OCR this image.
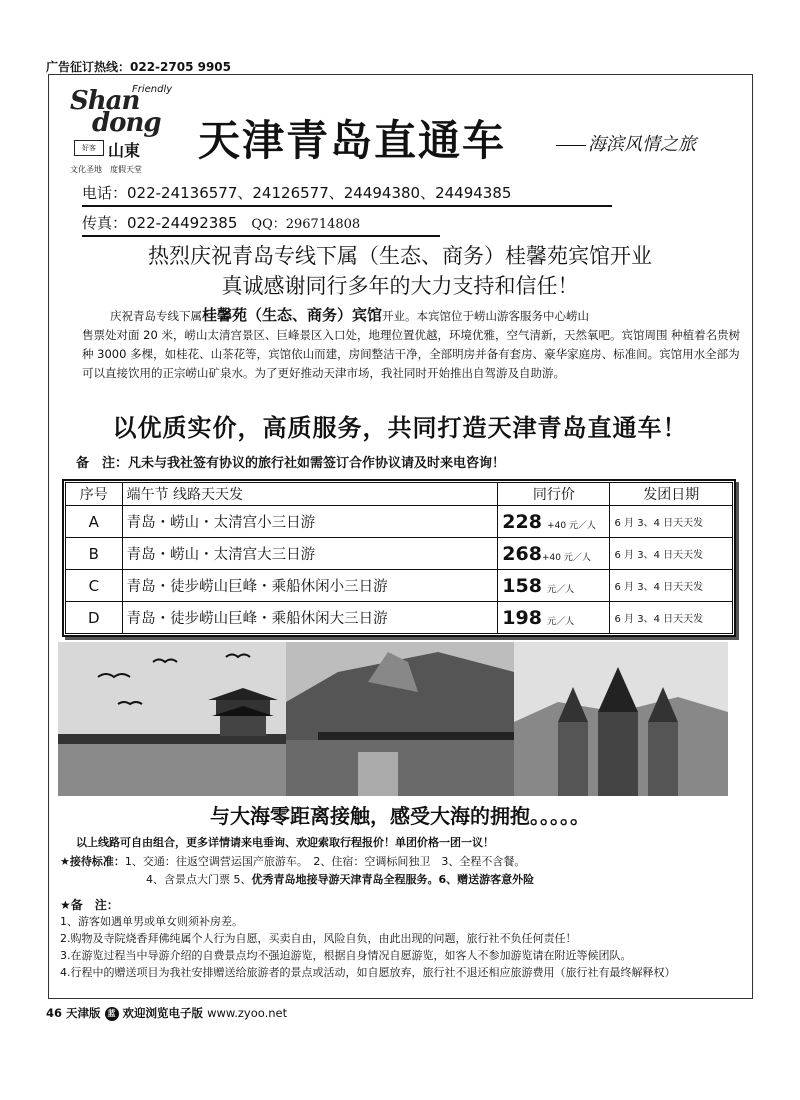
广告征订热线：022-2705 9905
Shan
dong
Friendly
好客 山東
文化圣地　度假天堂
天津青岛直通车	海滨风情之旅
电话：022-24136577、24126577、24494380、24494385
传真：022-24492385 QQ：296714808
热烈庆祝青岛专线下属（生态、商务）桂馨苑宾馆开业
真诚感谢同行多年的大力支持和信任！
庆祝青岛专线下属桂馨苑（生态、商务）宾馆开业。本宾馆位于崂山游客服务中心崂山
售票处对面 20 米，崂山太清宫景区、巨峰景区入口处，地理位置优越，环境优雅，空气清新，天然氧吧。宾馆周围 种植着名贵树种 3000 多棵，如桂花、山茶花等，宾馆依山而建，房间整洁干净，全部明房并备有套房、豪华家庭房、标准间。宾馆用水全部为可以直接饮用的正宗崂山矿泉水。为了更好推动天津市场，我社同时开始推出自驾游及自助游。
以优质实价，高质服务，共同打造天津青岛直通车！
备　注：凡未与我社签有协议的旅行社如需签订合作协议请及时来电咨询！
序号	端午节 线路天天发	同行价	发团日期
A	青岛・崂山・太清宫小三日游	228 +40 元／人	6 月 3、4 日天天发
B	青岛・崂山・太清宫大三日游	268+40 元／人	6 月 3、4 日天天发
C	青岛・徒步崂山巨峰・乘船休闲小三日游	158 元／人	6 月 3、4 日天天发
D	青岛・徒步崂山巨峰・乘船休闲大三日游	198 元／人	6 月 3、4 日天天发
与大海零距离接触，感受大海的拥抱。。。。。
以上线路可自由组合，更多详情请来电垂询、欢迎索取行程报价！单团价格一团一议！
★接待标准：1、交通：往返空调营运国产旅游车。　2、住宿：空调标间独卫　3、全程不含餐。
4、含景点大门票 5、优秀青岛地接导游天津青岛全程服务。6、赠送游客意外险
★备　注：
1、游客如遇单男或单女则须补房差。
2.购物及寺院烧香拜佛纯属个人行为自愿，买卖自由，风险自负，由此出现的问题，旅行社不负任何责任！
3.在游览过程当中导游介绍的自费景点均不强迫游览，根据自身情况自愿游览，如客人不参加游览请在附近等候团队。
4.行程中的赠送项目为我社安排赠送给旅游者的景点或活动，如自愿放弃，旅行社不退还相应旅游费用（旅行社有最终解释权）
46 天津版 蓝 欢迎浏览电子版 www.zyoo.net
